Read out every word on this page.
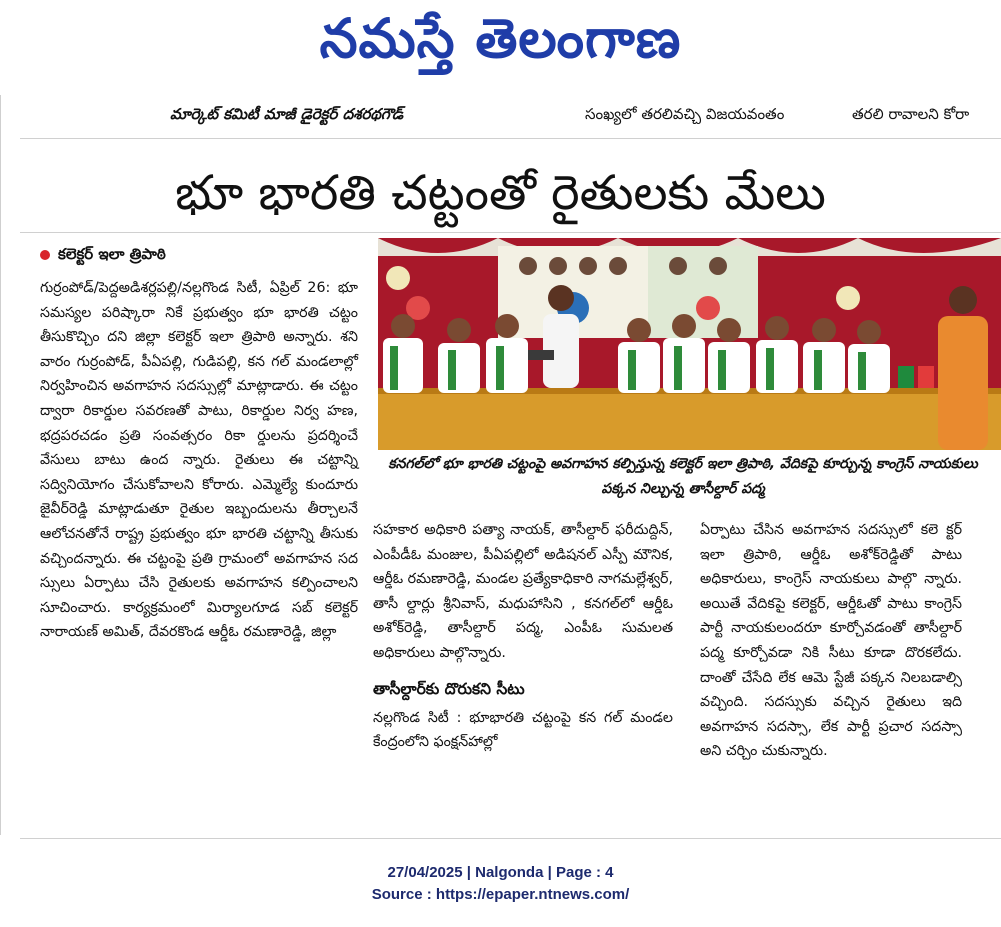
నమస్తే తెలంగాణ
మార్కెట్ కమిటీ మాజీ డైరెక్టర్ దశరథగౌడ్	సంఖ్యలో తరలివచ్చి విజయవంతం	తరలి రావాలని కోరా
భూ భారతి చట్టంతో రైతులకు మేలు
కలెక్టర్ ఇలా త్రిపాఠి

గుర్రంపోడ్/పెద్దఅడిశర్లపల్లి/నల్లగొండ సిటీ, ఏప్రిల్ 26: భూ సమస్యల పరిష్కారా నికే ప్రభుత్వం భూ భారతి చట్టం తీసుకొచ్చిం దని జిల్లా కలెక్టర్ ఇలా త్రిపాఠి అన్నారు. శని వారం గుర్రంపోడ్, పీఏపల్లి, గుడిపల్లి, కన గల్ మండలాల్లో నిర్వహించిన అవగాహన సదస్సుల్లో మాట్లాడారు. ఈ చట్టం ద్వారా రికార్డుల సవరణతో పాటు, రికార్డుల నిర్వ హణ, భద్రపరచడం ప్రతి సంవత్సరం రికా ర్డులను ప్రదర్శించే వేసులు బాటు ఉంద న్నారు. రైతులు ఈ చట్టాన్ని సద్వినియోగం చేసుకోవాలని కోరారు. ఎమ్మెల్యే కుందూరు జైవీర్‌రెడ్డి మాట్లాడుతూ రైతుల ఇబ్బందులను తీర్చాలనే ఆలోచనతోనే రాష్ట్ర ప్రభుత్వం భూ భారతి చట్టాన్ని తీసుకు వచ్చిందన్నారు. ఈ చట్టంపై ప్రతి గ్రామంలో అవగాహన సద స్సులు ఏర్పాటు చేసి రైతులకు అవగాహన కల్పించాలని సూచించారు. కార్యక్రమంలో మిర్యాలగూడ సబ్ కలెక్టర్ నారాయణ్ అమిత్, దేవరకొండ ఆర్డీఓ రమణారెడ్డి, జిల్లా

కనగల్‌లో భూ భారతి చట్టంపై అవగాహన కల్పిస్తున్న కలెక్టర్ ఇలా త్రిపాఠి, వేదికపై కూర్చున్న కాంగ్రెస్ నాయకులు పక్కన నిల్చున్న తాసీల్దార్ పద్మ

సహకార అధికారి పత్యా నాయక్, తాసీల్దార్ ఫరీదుద్దిన్, ఎంపీడీఓ మంజుల, పీఏపల్లిలో అడిషనల్ ఎస్పీ మౌనిక, ఆర్డీఓ రమణారెడ్డి, మండల ప్రత్యేకాధికారి నాగమల్లేశ్వర్, తాసీ ల్దార్లు శ్రీనివాస్, మధుహాసిని , కనగల్‌లో ఆర్డీఓ అశోక్‌రెడ్డి, తాసీల్దార్ పద్మ, ఎంపీఓ సుమలత అధికారులు పాల్గొన్నారు.

తాసీల్దార్‌కు దొరుకని సీటు

నల్లగొండ సిటీ : భూభారతి చట్టంపై కన గల్ మండల కేంద్రంలోని ఫంక్షన్‌హాల్లో

ఏర్పాటు చేసిన అవగాహన సదస్సులో కలె క్టర్ ఇలా త్రిపాఠి, ఆర్డీఓ అశోక్‌రెడ్డితో పాటు అధికారులు, కాంగ్రెస్ నాయకులు పాల్గొ న్నారు. అయితే వేదికపై కలెక్టర్, ఆర్డీఓతో పాటు కాంగ్రెస్ పార్టీ నాయకులందరూ కూర్చోవడంతో తాసీల్దార్ పద్మ కూర్చోవడా నికి సీటు కూడా దొరకలేదు. దాంతో చేసేది లేక ఆమె స్టేజీ పక్కన నిలబడాల్సి వచ్చింది. సదస్సుకు వచ్చిన రైతులు ఇది అవగాహన సదస్సా, లేక పార్టీ ప్రచార సదస్సా అని చర్చిం చుకున్నారు.

27/04/2025 | Nalgonda | Page : 4
Source : https://epaper.ntnews.com/
